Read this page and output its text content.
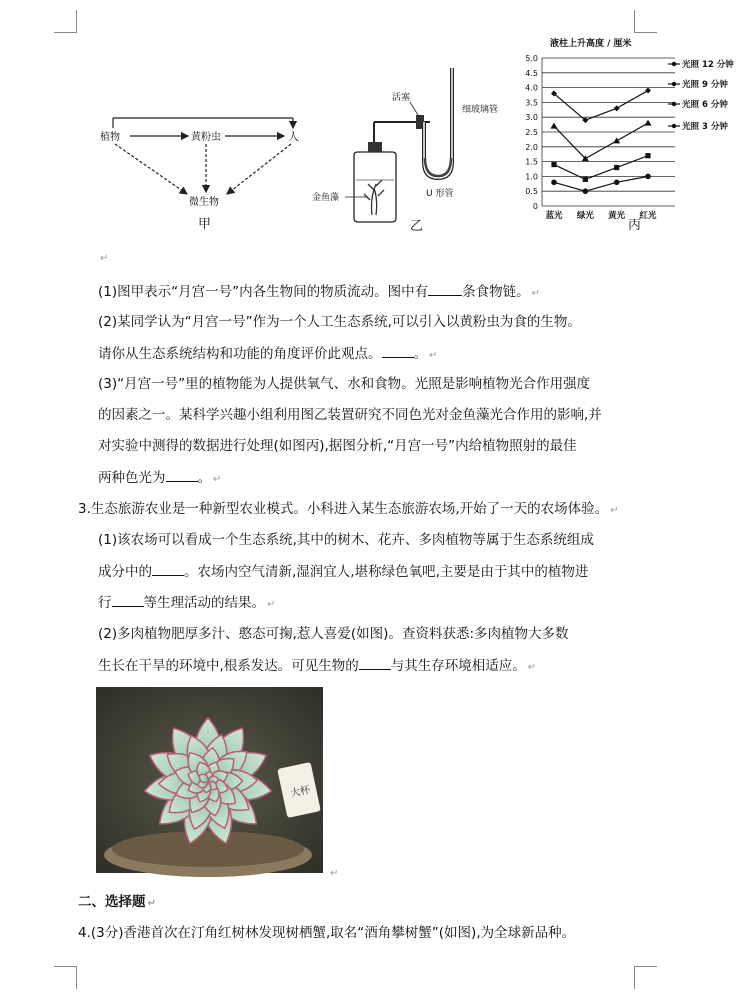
植物	黄粉虫	人
微生物
甲
活塞
细玻璃管
U 形管
金鱼藻
乙
液柱上升高度 / 厘米
0
0.5
1.0
1.5
2.0
2.5
3.0
3.5
4.0
4.5
5.0
蓝光 绿光 黄光 红光
光照 12 分钟
光照 9 分钟
光照 6 分钟
光照 3 分钟
丙
↵
(1)图甲表示“月宫一号”内各生物间的物质流动。图中有	条食物链。 ↵
(2)某同学认为“月宫一号”作为一个人工生态系统,可以引入以黄粉虫为食的生物。
请你从生态系统结构和功能的角度评价此观点。 。 ↵
(3)“月宫一号”里的植物能为人提供氧气、水和食物。光照是影响植物光合作用强度
的因素之一。某科学兴趣小组利用图乙装置研究不同色光对金鱼藻光合作用的影响,并
对实验中测得的数据进行处理(如图丙),据图分析,“月宫一号”内给植物照射的最佳
两种色光为 。 ↵
3.生态旅游农业是一种新型农业模式。小科进入某生态旅游农场,开始了一天的农场体验。 ↵
(1)该农场可以看成一个生态系统,其中的树木、花卉、多肉植物等属于生态系统组成
成分中的 。农场内空气清新,湿润宜人,堪称绿色氧吧,主要是由于其中的植物进
行 等生理活动的结果。 ↵
(2)多肉植物肥厚多汁、憨态可掬,惹人喜爱(如图)。查资料获悉:多肉植物大多数
生长在干旱的环境中,根系发达。可见生物的 与其生存环境相适应。 ↵
大杯
↵
二、选择题 ↵
4.(3分)香港首次在汀角红树林发现树栖蟹,取名“酒角攀树蟹”(如图),为全球新品种。
